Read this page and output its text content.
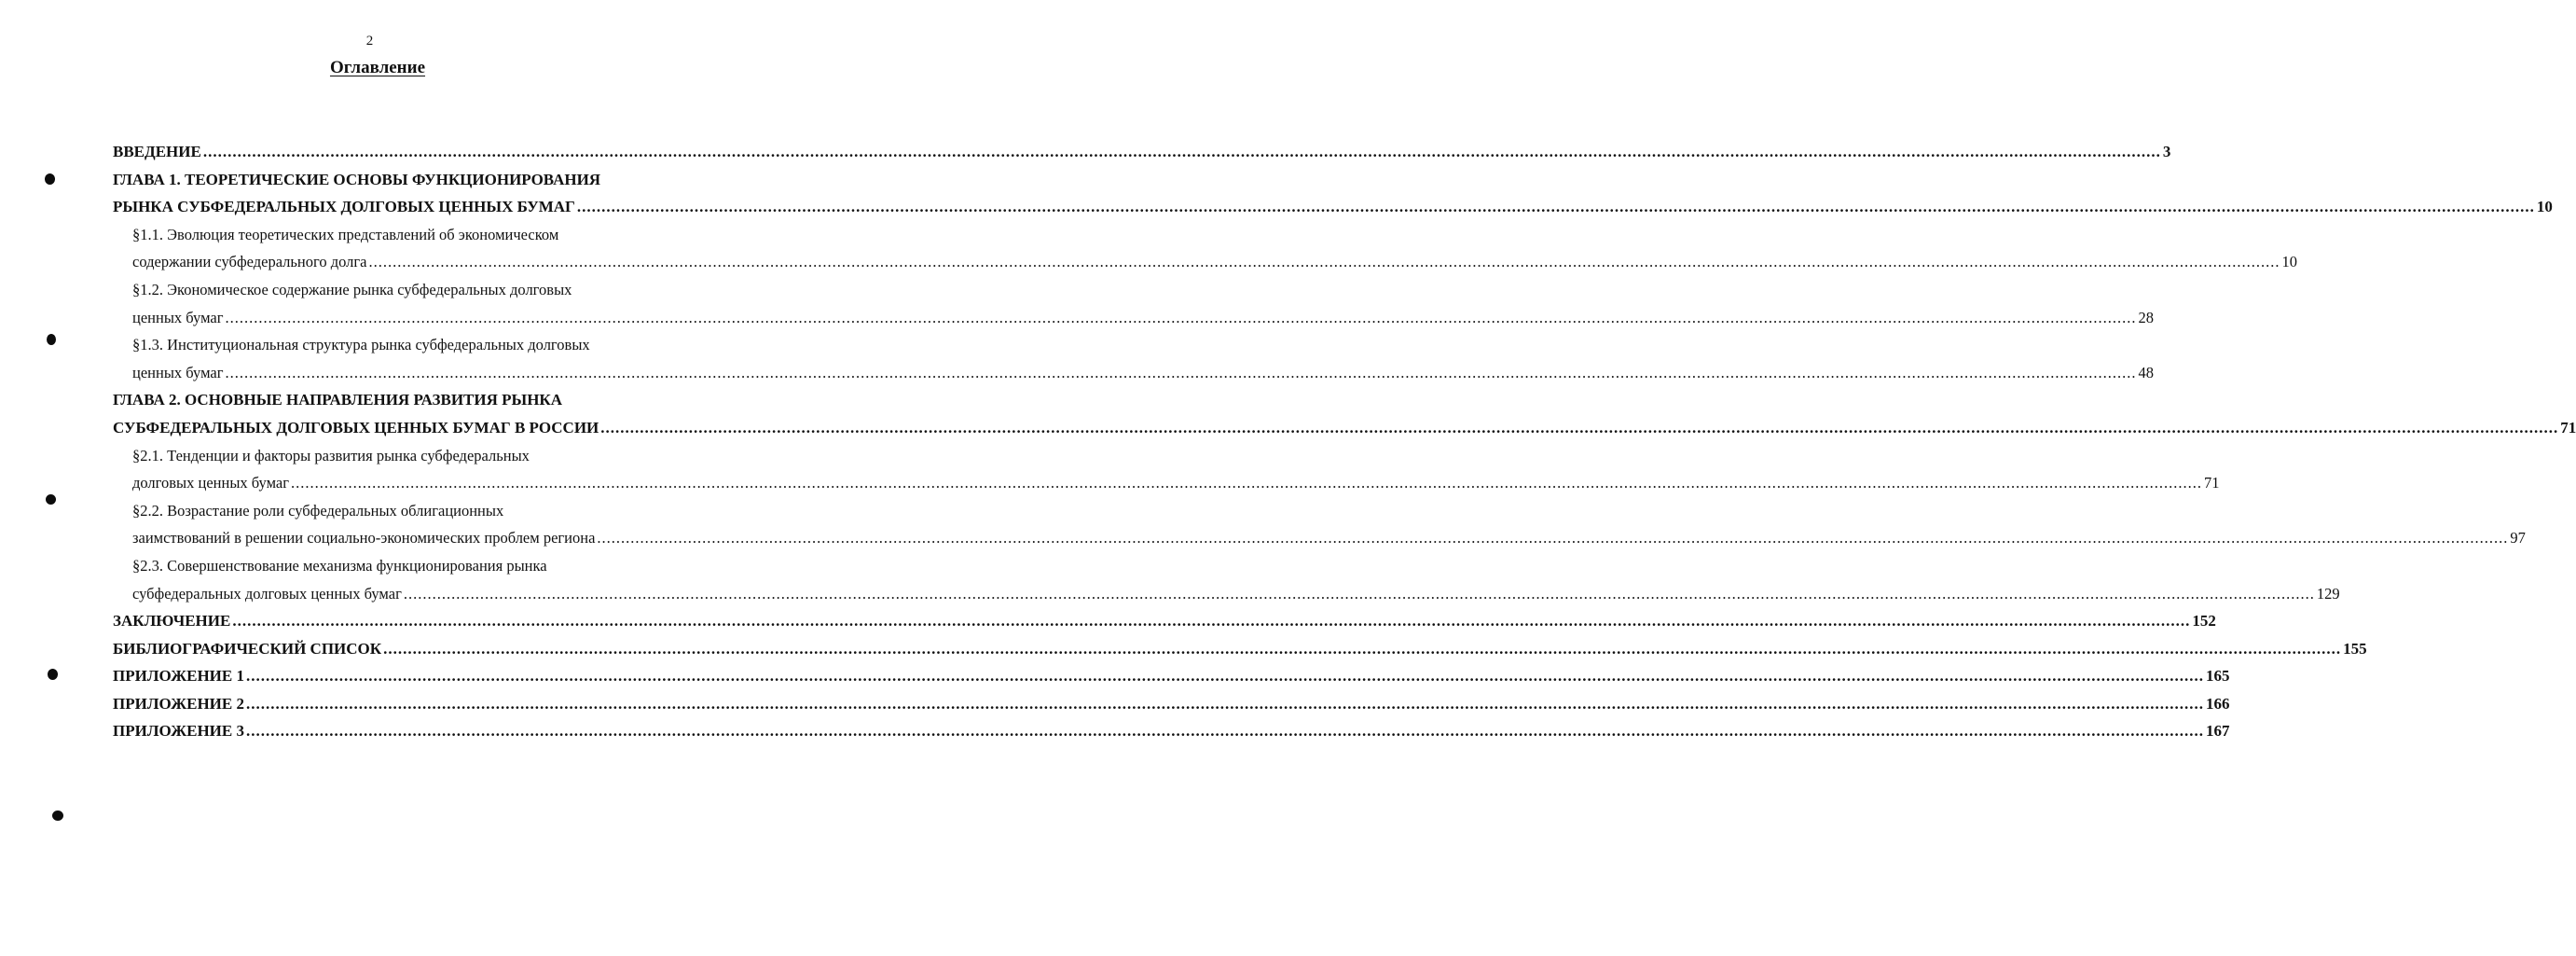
2
Оглавление
ВВЕДЕНИЕ ................................................................................................................................................................................................................................................................................................................................................................................................................ 3
ГЛАВА 1. ТЕОРЕТИЧЕСКИЕ ОСНОВЫ ФУНКЦИОНИРОВАНИЯ
РЫНКА СУБФЕДЕРАЛЬНЫХ ДОЛГОВЫХ ЦЕННЫХ БУМАГ ................................................................................................................................................................................................................................................................................................................................................................................................................ 10
§1.1. Эволюция теоретических представлений об экономическом
содержании субфедерального долга ................................................................................................................................................................................................................................................................................................................................................................................................................ 10
§1.2. Экономическое содержание рынка субфедеральных долговых
ценных бумаг ................................................................................................................................................................................................................................................................................................................................................................................................................ 28
§1.3. Институциональная структура рынка субфедеральных долговых
ценных бумаг ................................................................................................................................................................................................................................................................................................................................................................................................................ 48
ГЛАВА 2. ОСНОВНЫЕ НАПРАВЛЕНИЯ РАЗВИТИЯ РЫНКА
СУБФЕДЕРАЛЬНЫХ ДОЛГОВЫХ ЦЕННЫХ БУМАГ В РОССИИ ................................................................................................................................................................................................................................................................................................................................................................................................................ 71
§2.1. Тенденции и факторы развития рынка субфедеральных
долговых ценных бумаг ................................................................................................................................................................................................................................................................................................................................................................................................................ 71
§2.2. Возрастание роли субфедеральных облигационных
заимствований в решении социально-экономических проблем региона ................................................................................................................................................................................................................................................................................................................................................................................................................ 97
§2.3. Совершенствование механизма функционирования рынка
субфедеральных долговых ценных бумаг ................................................................................................................................................................................................................................................................................................................................................................................................................ 129
ЗАКЛЮЧЕНИЕ ................................................................................................................................................................................................................................................................................................................................................................................................................ 152
БИБЛИОГРАФИЧЕСКИЙ СПИСОК ................................................................................................................................................................................................................................................................................................................................................................................................................ 155
ПРИЛОЖЕНИЕ 1 ................................................................................................................................................................................................................................................................................................................................................................................................................ 165
ПРИЛОЖЕНИЕ 2 ................................................................................................................................................................................................................................................................................................................................................................................................................ 166
ПРИЛОЖЕНИЕ 3 ................................................................................................................................................................................................................................................................................................................................................................................................................ 167
